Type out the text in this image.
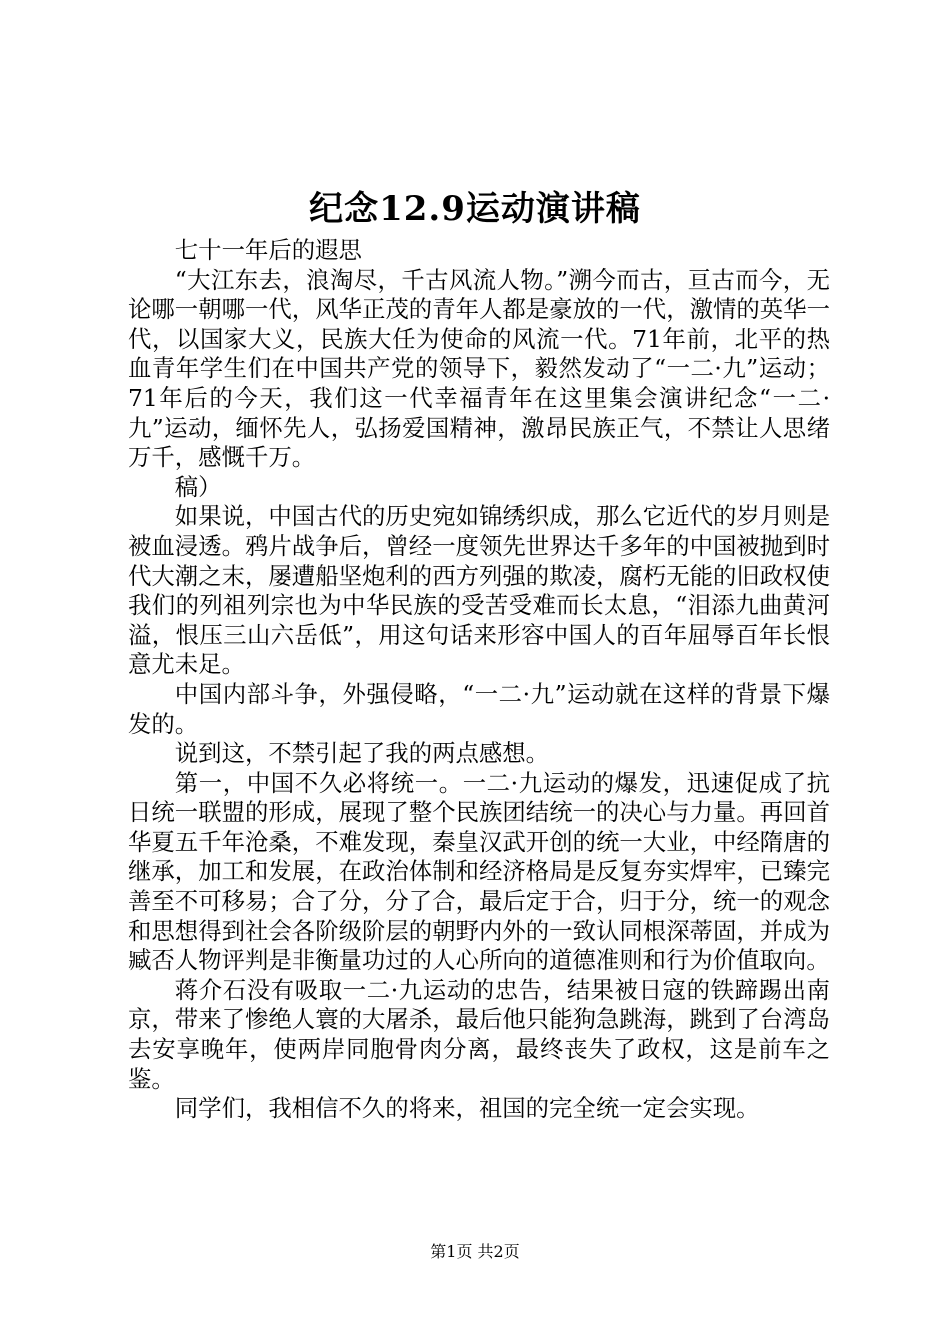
纪念12.9运动演讲稿

七十一年后的遐思

“大江东去，浪淘尽，千古风流人物。”溯今而古，亘古而今，无论哪一朝哪一代，风华正茂的青年人都是豪放的一代，激情的英华一代，以国家大义，民族大任为使命的风流一代。71年前，北平的热血青年学生们在中国共产党的领导下，毅然发动了“一二·九”运动；71年后的今天，我们这一代幸福青年在这里集会演讲纪念“一二·九”运动，缅怀先人，弘扬爱国精神，激昂民族正气，不禁让人思绪万千，感慨千万。

稿）

如果说，中国古代的历史宛如锦绣织成，那么它近代的岁月则是被血浸透。鸦片战争后，曾经一度领先世界达千多年的中国被抛到时代大潮之末，屡遭船坚炮利的西方列强的欺凌，腐朽无能的旧政权使我们的列祖列宗也为中华民族的受苦受难而长太息，“泪添九曲黄河溢，恨压三山六岳低”，用这句话来形容中国人的百年屈辱百年长恨意尤未足。

中国内部斗争，外强侵略，“一二·九”运动就在这样的背景下爆发的。

说到这，不禁引起了我的两点感想。

第一，中国不久必将统一。一二·九运动的爆发，迅速促成了抗日统一联盟的形成，展现了整个民族团结统一的决心与力量。再回首华夏五千年沧桑，不难发现，秦皇汉武开创的统一大业，中经隋唐的继承，加工和发展，在政治体制和经济格局是反复夯实焊牢，已臻完善至不可移易；合了分，分了合，最后定于合，归于分，统一的观念和思想得到社会各阶级阶层的朝野内外的一致认同根深蒂固，并成为臧否人物评判是非衡量功过的人心所向的道德准则和行为价值取向。

蒋介石没有吸取一二·九运动的忠告，结果被日寇的铁蹄踢出南京，带来了惨绝人寰的大屠杀，最后他只能狗急跳海，跳到了台湾岛去安享晚年，使两岸同胞骨肉分离，最终丧失了政权，这是前车之鉴。

同学们，我相信不久的将来，祖国的完全统一定会实现。

第1页 共2页
